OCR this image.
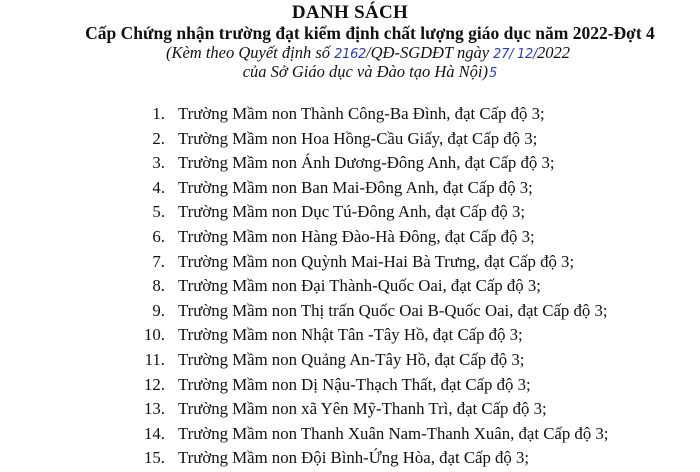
DANH SÁCH
Cấp Chứng nhận trường đạt kiểm định chất lượng giáo dục năm 2022-Đợt 4
(Kèm theo Quyết định số 2162/QĐ-SGDĐT ngày 27/ 12/2022
của Sở Giáo dục và Đào tạo Hà Nội)5
1. Trường Mầm non Thành Công-Ba Đình, đạt Cấp độ 3;
2. Trường Mầm non Hoa Hồng-Cầu Giấy, đạt Cấp độ 3;
3. Trường Mầm non Ánh Dương-Đông Anh, đạt Cấp độ 3;
4. Trường Mầm non Ban Mai-Đông Anh, đạt Cấp độ 3;
5. Trường Mầm non Dục Tú-Đông Anh, đạt Cấp độ 3;
6. Trường Mầm non Hàng Đào-Hà Đông, đạt Cấp độ 3;
7. Trường Mầm non Quỳnh Mai-Hai Bà Trưng, đạt Cấp độ 3;
8. Trường Mầm non Đại Thành-Quốc Oai, đạt Cấp độ 3;
9. Trường Mầm non Thị trấn Quốc Oai B-Quốc Oai, đạt Cấp độ 3;
10. Trường Mầm non Nhật Tân -Tây Hồ, đạt Cấp độ 3;
11. Trường Mầm non Quảng An-Tây Hồ, đạt Cấp độ 3;
12. Trường Mầm non Dị Nậu-Thạch Thất, đạt Cấp độ 3;
13. Trường Mầm non xã Yên Mỹ-Thanh Trì, đạt Cấp độ 3;
14. Trường Mầm non Thanh Xuân Nam-Thanh Xuân, đạt Cấp độ 3;
15. Trường Mầm non Đội Bình-Ứng Hòa, đạt Cấp độ 3;
